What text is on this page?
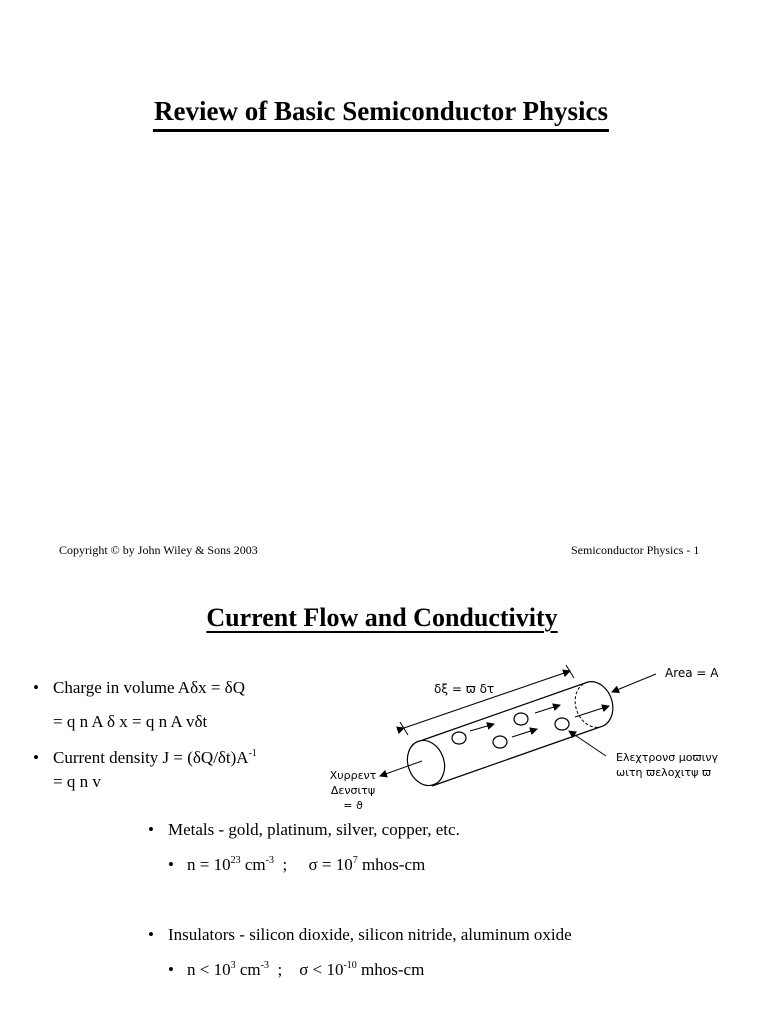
Review of Basic Semiconductor Physics
Copyright © by John Wiley & Sons 2003	Semiconductor Physics - 1
Current Flow and Conductivity
• Charge in volume Aδx = δQ
= q n A δ x = q n A vδt
• Current density $J = (\delta Q/\delta t)A^{-1}$
= q n v
• Metals - gold, platinum, silver, copper, etc.
• $n = 10^{23}$ $cm^{-3}$  ;     $\sigma = 10^7$ mhos-cm
• Insulators - silicon dioxide, silicon nitride, aluminum oxide
• $n < 10^3$ $cm^{-3}$  ;    $\sigma < 10^{-10}$ mhos-cm
δξ = ϖ δτ
Area = A
Χυρρεντ
Δενσιτψ
= ϑ
Ελεχτρονσ μοϖινγ
ωιτη ϖελοχιτψ ϖ
